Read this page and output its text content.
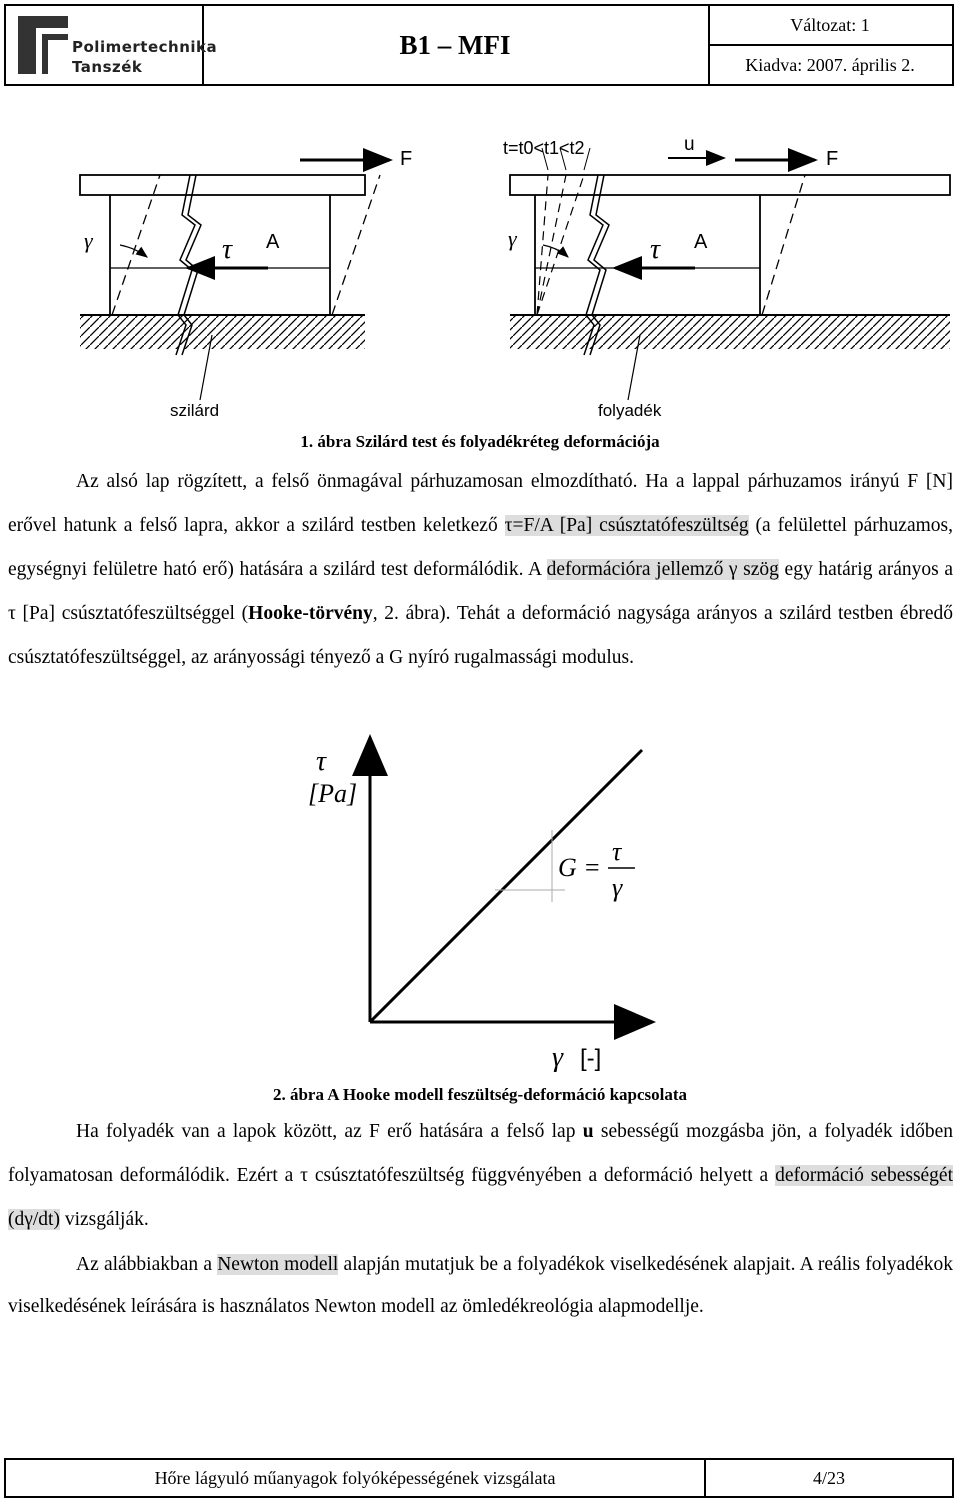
Polimertechnika
Tanszék
B1 – MFI
Változat: 1
Kiadva: 2007. április 2.
γ	τ A
F
szilárd
γ	τ A
F
u
t=t0<t1<t2
folyadék
1. ábra Szilárd test és folyadékréteg deformációja

Az alsó lap rögzített, a felső önmagával párhuzamosan elmozdítható. Ha a lappal párhuzamos irányú F [N] erővel hatunk a felső lapra, akkor a szilárd testben keletkező τ=F/A [Pa] csúsztatófeszültség (a felülettel párhuzamos, egységnyi felületre ható erő) hatására a szilárd test deformálódik. A deformációra jellemző γ szög egy határig arányos a τ [Pa] csúsztatófeszültséggel (Hooke-törvény, 2. ábra). Tehát a deformáció nagysága arányos a szilárd testben ébredő csúsztatófeszültséggel, az arányossági tényező a G nyíró rugalmassági modulus.

τ
[Pa]
γ [-]
G =
τ
γ
2. ábra A Hooke modell feszültség-deformáció kapcsolata

Ha folyadék van a lapok között, az F erő hatására a felső lap u sebességű mozgásba jön, a folyadék időben folyamatosan deformálódik. Ezért a τ csúsztatófeszültség függvényében a deformáció helyett a deformáció sebességét (dγ/dt) vizsgálják.

Az alábbiakban a Newton modell alapján mutatjuk be a folyadékok viselkedésének alapjait. A reális folyadékok viselkedésének leírására is használatos Newton modell az ömledékreológia alapmodellje.

Hőre lágyuló műanyagok folyóképességének vizsgálata	4/23
